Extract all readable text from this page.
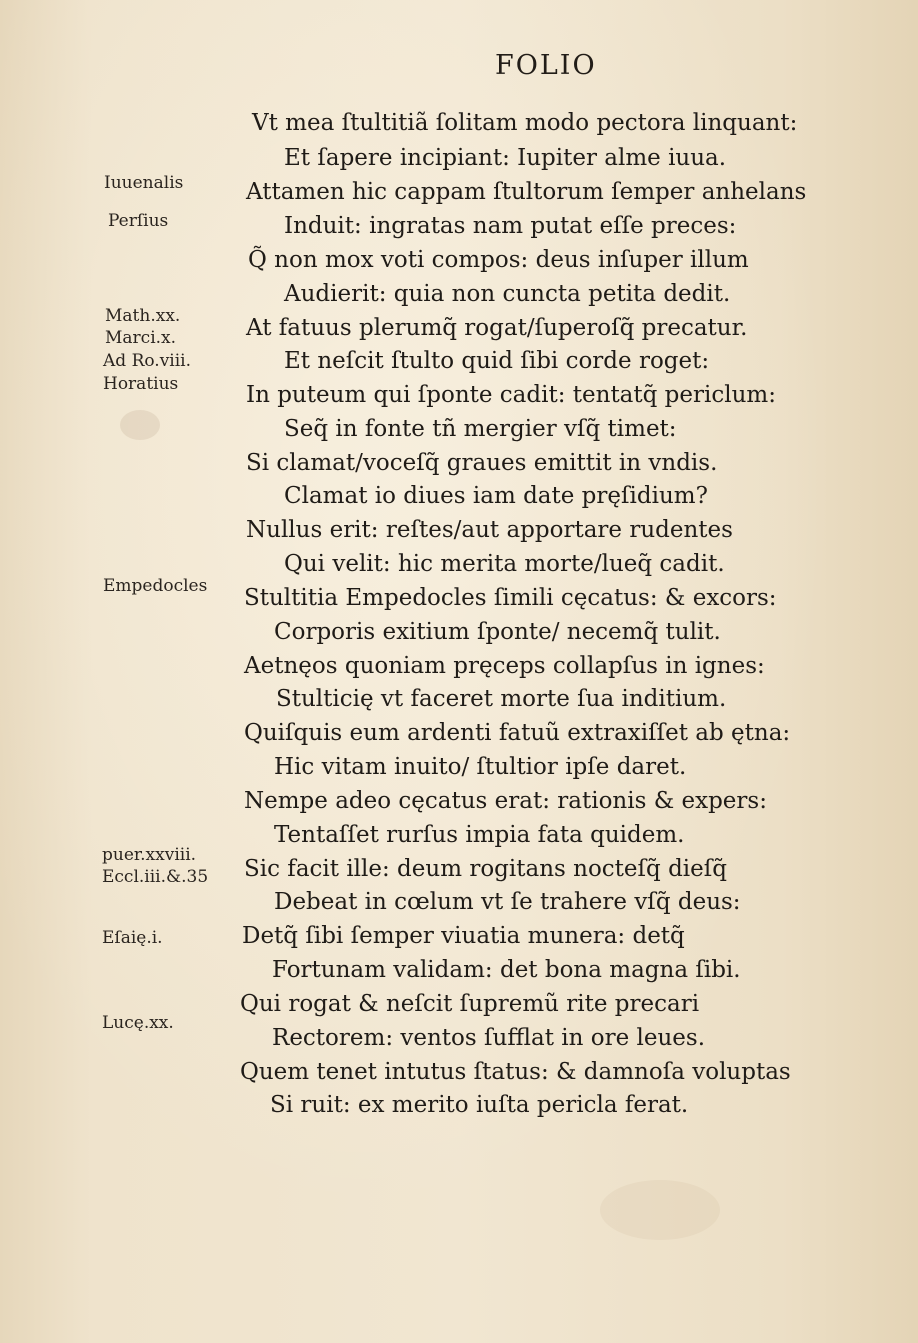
FOLIO
Vt mea ſtultitiã ſolitam modo pectora linquant:
Et ſapere incipiant: Iupiter alme iuua.
Attamen hic cappam ſtultorum ſemper anhelans
Induit: ingratas nam putat eſſe preces:
Q̃ non mox voti compos: deus inſuper illum
Audierit: quia non cuncta petita dedit.
At fatuus plerumq̃ rogat/ſuperoſq̃ precatur.
Et neſcit ſtulto quid ſibi corde roget:
In puteum qui ſponte cadit: tentatq̃ periclum:
Seq̃ in fonte tñ mergier vſq̃ timet:
Si clamat/voceſq̃ graues emittit in vndis.
Clamat io diues iam date pręſidium?
Nullus erit: reſtes/aut apportare rudentes
Qui velit: hic merita morte/lueq̃ cadit.
Stultitia Empedocles ſimili cęcatus: & excors:
Corporis exitium ſponte/ necemq̃ tulit.
Aetnęos quoniam pręceps collapſus in ignes:
Stulticię vt faceret morte ſua inditium.
Quiſquis eum ardenti fatuũ extraxiſſet ab ętna:
Hic vitam inuito/ ſtultior ipſe daret.
Nempe adeo cęcatus erat: rationis & expers:
Tentaſſet rurſus impia fata quidem.
Sic facit ille: deum rogitans nocteſq̃ dieſq̃
Debeat in cœlum vt ſe trahere vſq̃ deus:
Detq̃ ſibi ſemper viuatia munera: detq̃
Fortunam validam: det bona magna ſibi.
Qui rogat & neſcit ſupremũ rite precari
Rectorem: ventos ſufflat in ore leues.
Quem tenet intutus ſtatus: & damnoſa voluptas
Si ruit: ex merito iuſta pericla ferat.
Iuuenalis
Perſius
Math.xx.
Marci.x.
Ad Ro.viii.
Horatius
Empedocles
puer.xxviii.
Eccl.iii.&.35
Eſaię.i.
Lucę.xx.
